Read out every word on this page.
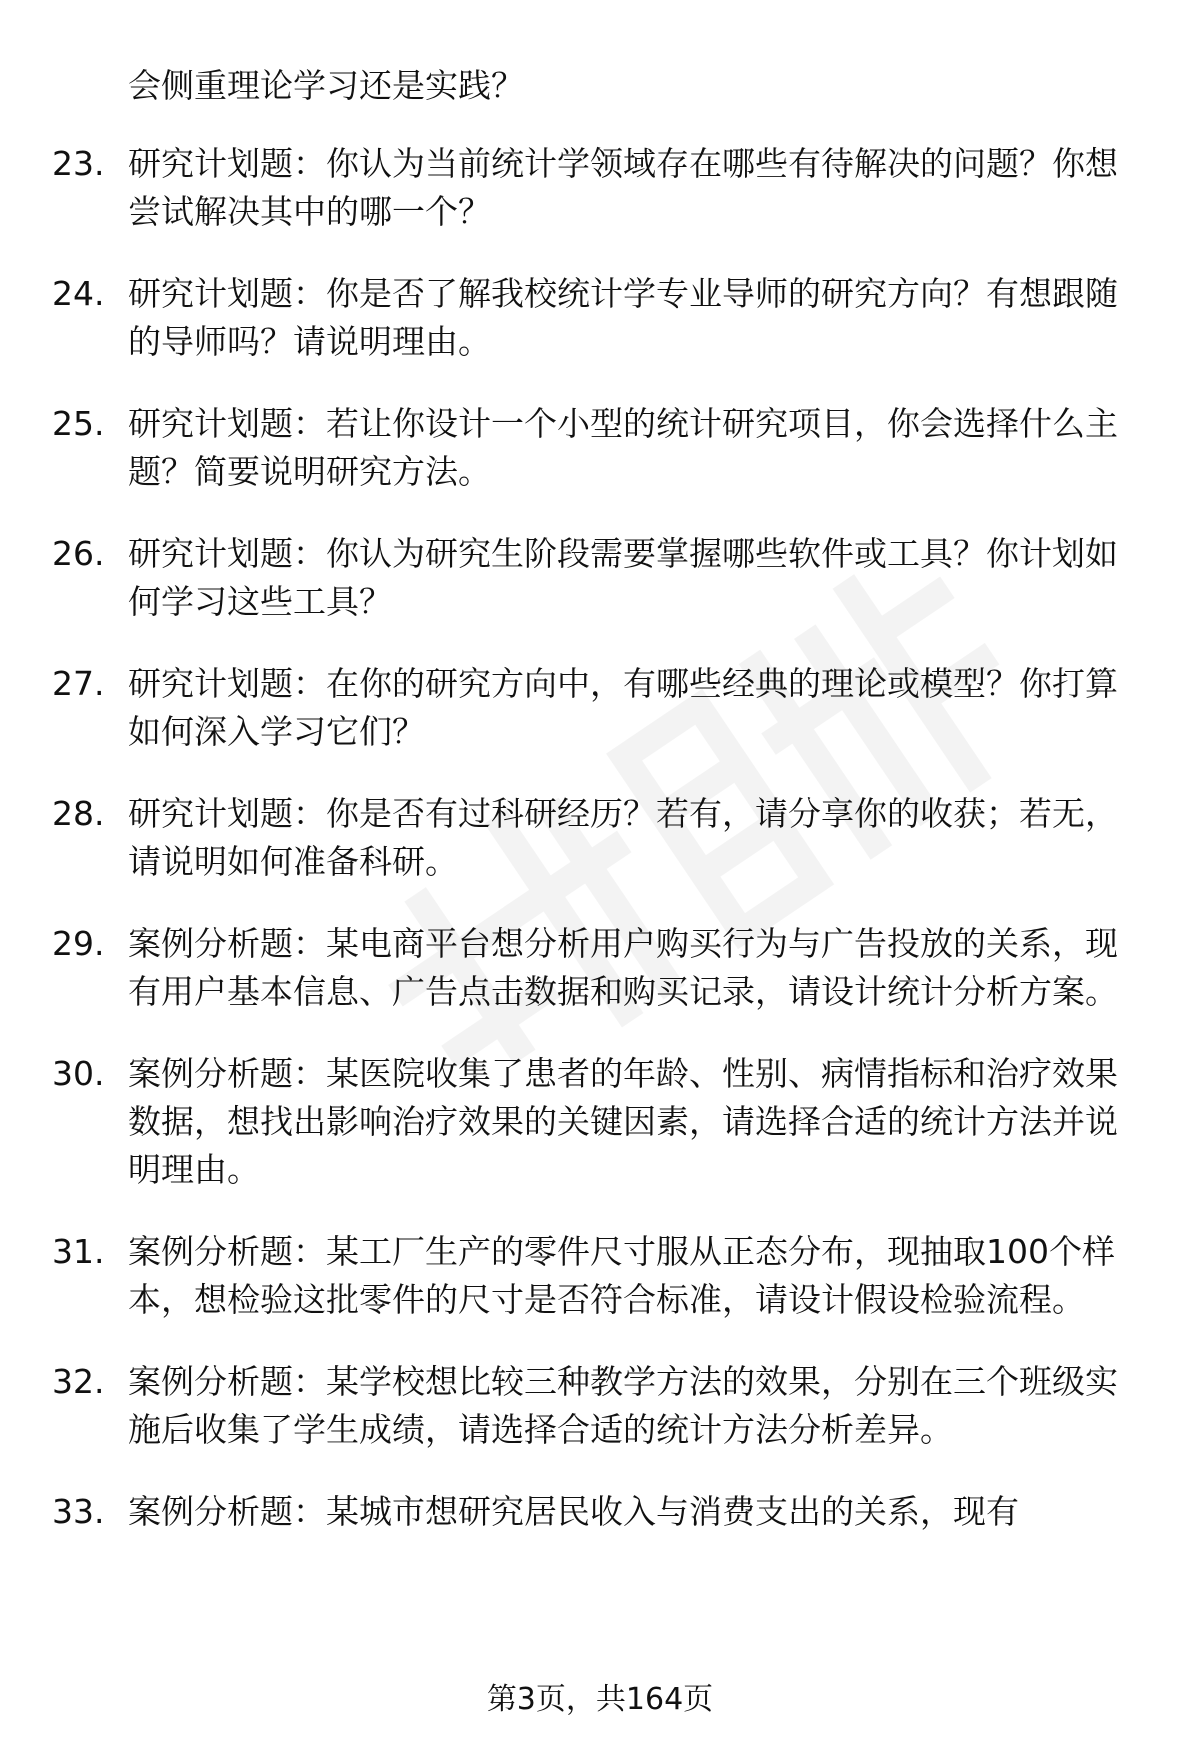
会侧重理论学习还是实践？
23. 研究计划题：你认为当前统计学领域存在哪些有待解决的问题？你想尝试解决其中的哪一个？
24. 研究计划题：你是否了解我校统计学专业导师的研究方向？有想跟随的导师吗？请说明理由。
25. 研究计划题：若让你设计一个小型的统计研究项目，你会选择什么主题？简要说明研究方法。
26. 研究计划题：你认为研究生阶段需要掌握哪些软件或工具？你计划如何学习这些工具？
27. 研究计划题：在你的研究方向中，有哪些经典的理论或模型？你打算如何深入学习它们？
28. 研究计划题：你是否有过科研经历？若有，请分享你的收获；若无，请说明如何准备科研。
29. 案例分析题：某电商平台想分析用户购买行为与广告投放的关系，现有用户基本信息、广告点击数据和购买记录，请设计统计分析方案。
30. 案例分析题：某医院收集了患者的年龄、性别、病情指标和治疗效果数据，想找出影响治疗效果的关键因素，请选择合适的统计方法并说明理由。
31. 案例分析题：某工厂生产的零件尺寸服从正态分布，现抽取100个样本，想检验这批零件的尺寸是否符合标准，请设计假设检验流程。
32. 案例分析题：某学校想比较三种教学方法的效果，分别在三个班级实施后收集了学生成绩，请选择合适的统计方法分析差异。
33. 案例分析题：某城市想研究居民收入与消费支出的关系，现有
第3页，共164页
